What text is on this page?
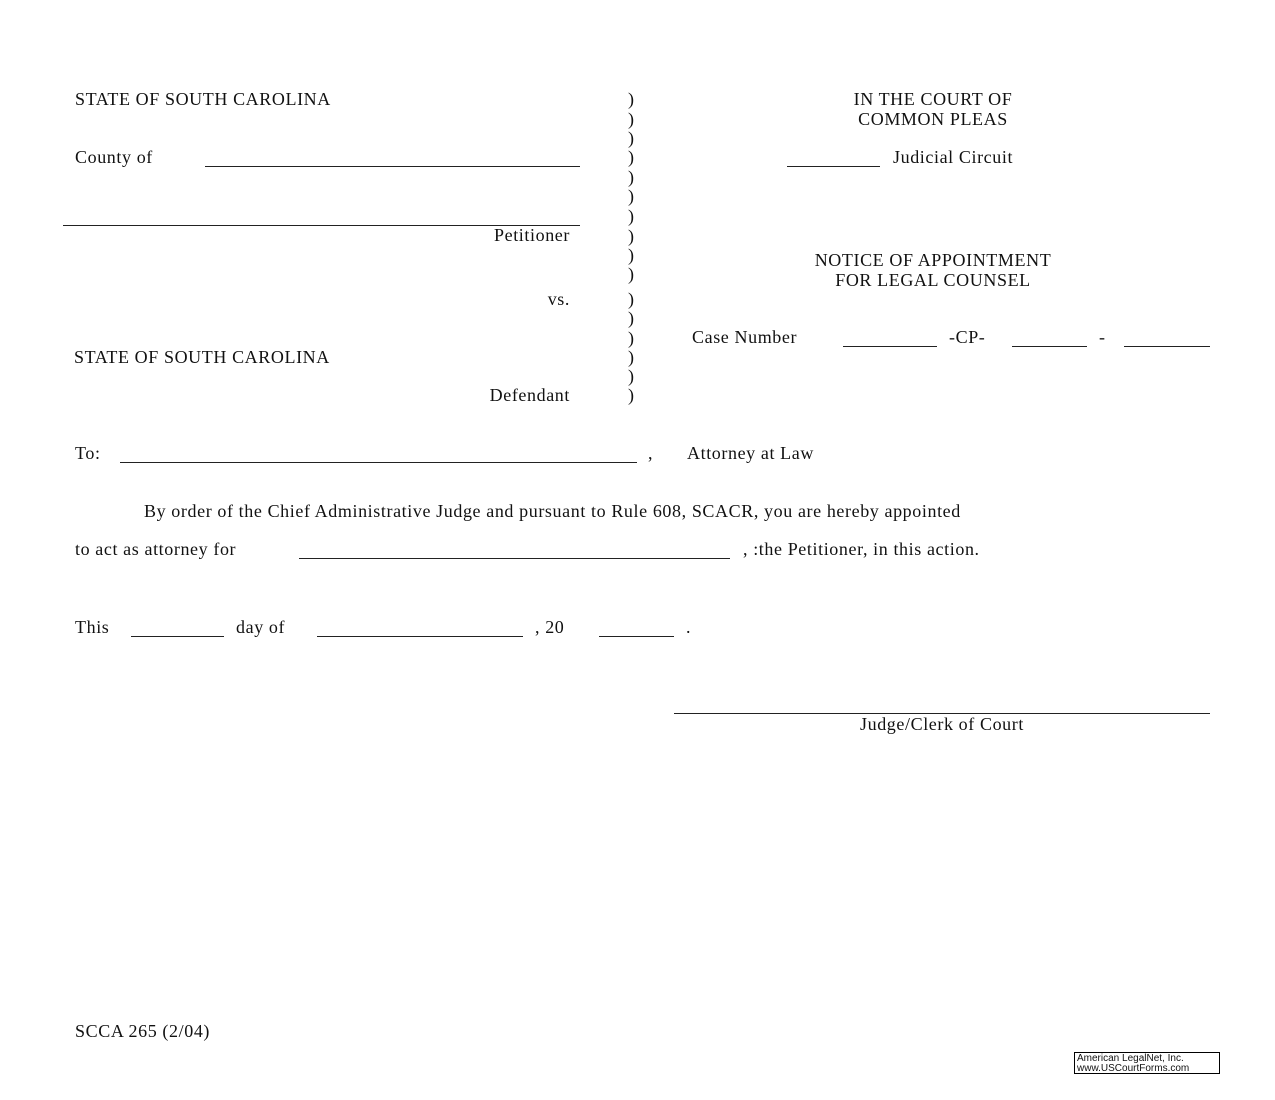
STATE OF SOUTH CAROLINA
County of
Petitioner
vs.
STATE OF SOUTH CAROLINA
Defendant
)
)
)
)
)
)
)
)
)
)
)
)
)
)
)
)
IN THE COURT OF
COMMON PLEAS
Judicial Circuit
NOTICE OF APPOINTMENT
FOR LEGAL COUNSEL
Case Number	-CP-	-
To:	, Attorney at Law
By order of the Chief Administrative Judge and pursuant to Rule 608, SCACR, you are hereby appointed
to act as attorney for	, :the Petitioner, in this action.
This	day of	, 20	.
Judge/Clerk of Court
SCCA 265 (2/04)
American LegalNet, Inc.
www.USCourtForms.com
